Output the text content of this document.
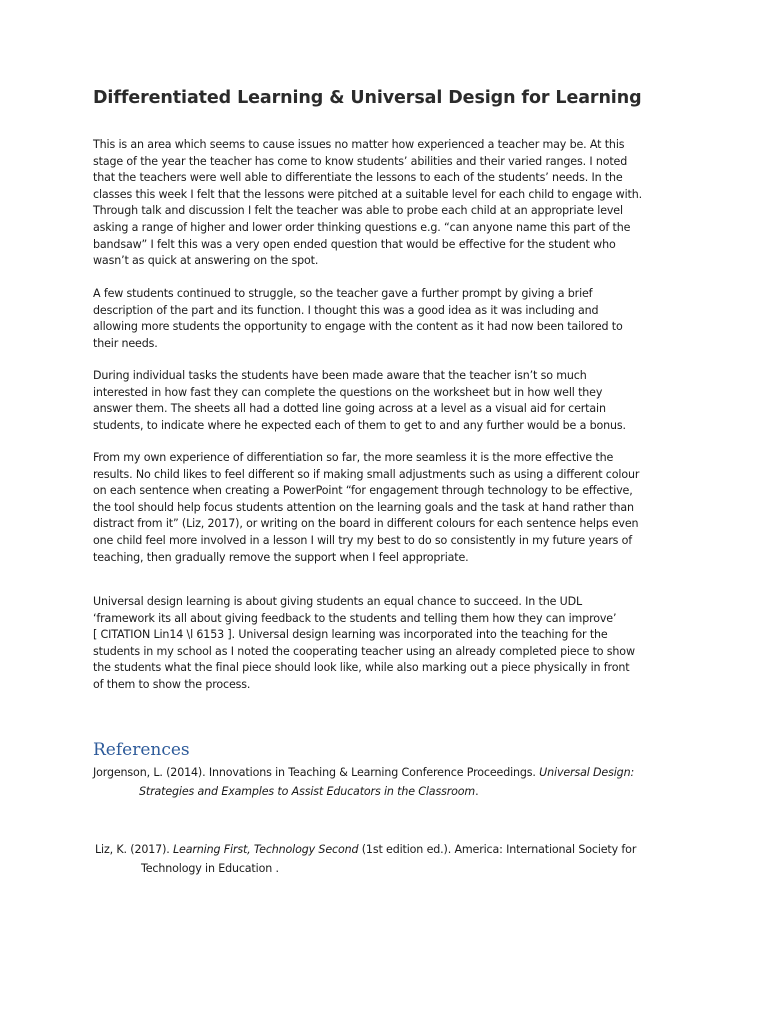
Differentiated Learning & Universal Design for Learning

This is an area which seems to cause issues no matter how experienced a teacher may be. At this
stage of the year the teacher has come to know students’ abilities and their varied ranges. I noted
that the teachers were well able to differentiate the lessons to each of the students’ needs. In the
classes this week I felt that the lessons were pitched at a suitable level for each child to engage with.
Through talk and discussion I felt the teacher was able to probe each child at an appropriate level
asking a range of higher and lower order thinking questions e.g. “can anyone name this part of the
bandsaw” I felt this was a very open ended question that would be effective for the student who
wasn’t as quick at answering on the spot.

A few students continued to struggle, so the teacher gave a further prompt by giving a brief
description of the part and its function. I thought this was a good idea as it was including and
allowing more students the opportunity to engage with the content as it had now been tailored to
their needs.

During individual tasks the students have been made aware that the teacher isn’t so much
interested in how fast they can complete the questions on the worksheet but in how well they
answer them. The sheets all had a dotted line going across at a level as a visual aid for certain
students, to indicate where he expected each of them to get to and any further would be a bonus.

From my own experience of differentiation so far, the more seamless it is the more effective the
results. No child likes to feel different so if making small adjustments such as using a different colour
on each sentence when creating a PowerPoint “for engagement through technology to be effective,
the tool should help focus students attention on the learning goals and the task at hand rather than
distract from it” (Liz, 2017), or writing on the board in different colours for each sentence helps even
one child feel more involved in a lesson I will try my best to do so consistently in my future years of
teaching, then gradually remove the support when I feel appropriate.

Universal design learning is about giving students an equal chance to succeed. In the UDL
‘framework its all about giving feedback to the students and telling them how they can improve’
[ CITATION Lin14 \l 6153 ]. Universal design learning was incorporated into the teaching for the
students in my school as I noted the cooperating teacher using an already completed piece to show
the students what the final piece should look like, while also marking out a piece physically in front
of them to show the process.

References

Jorgenson, L. (2014). Innovations in Teaching & Learning Conference Proceedings. Universal Design:
Strategies and Examples to Assist Educators in the Classroom.

Liz, K. (2017). Learning First, Technology Second (1st edition ed.). America: International Society for
Technology in Education .
